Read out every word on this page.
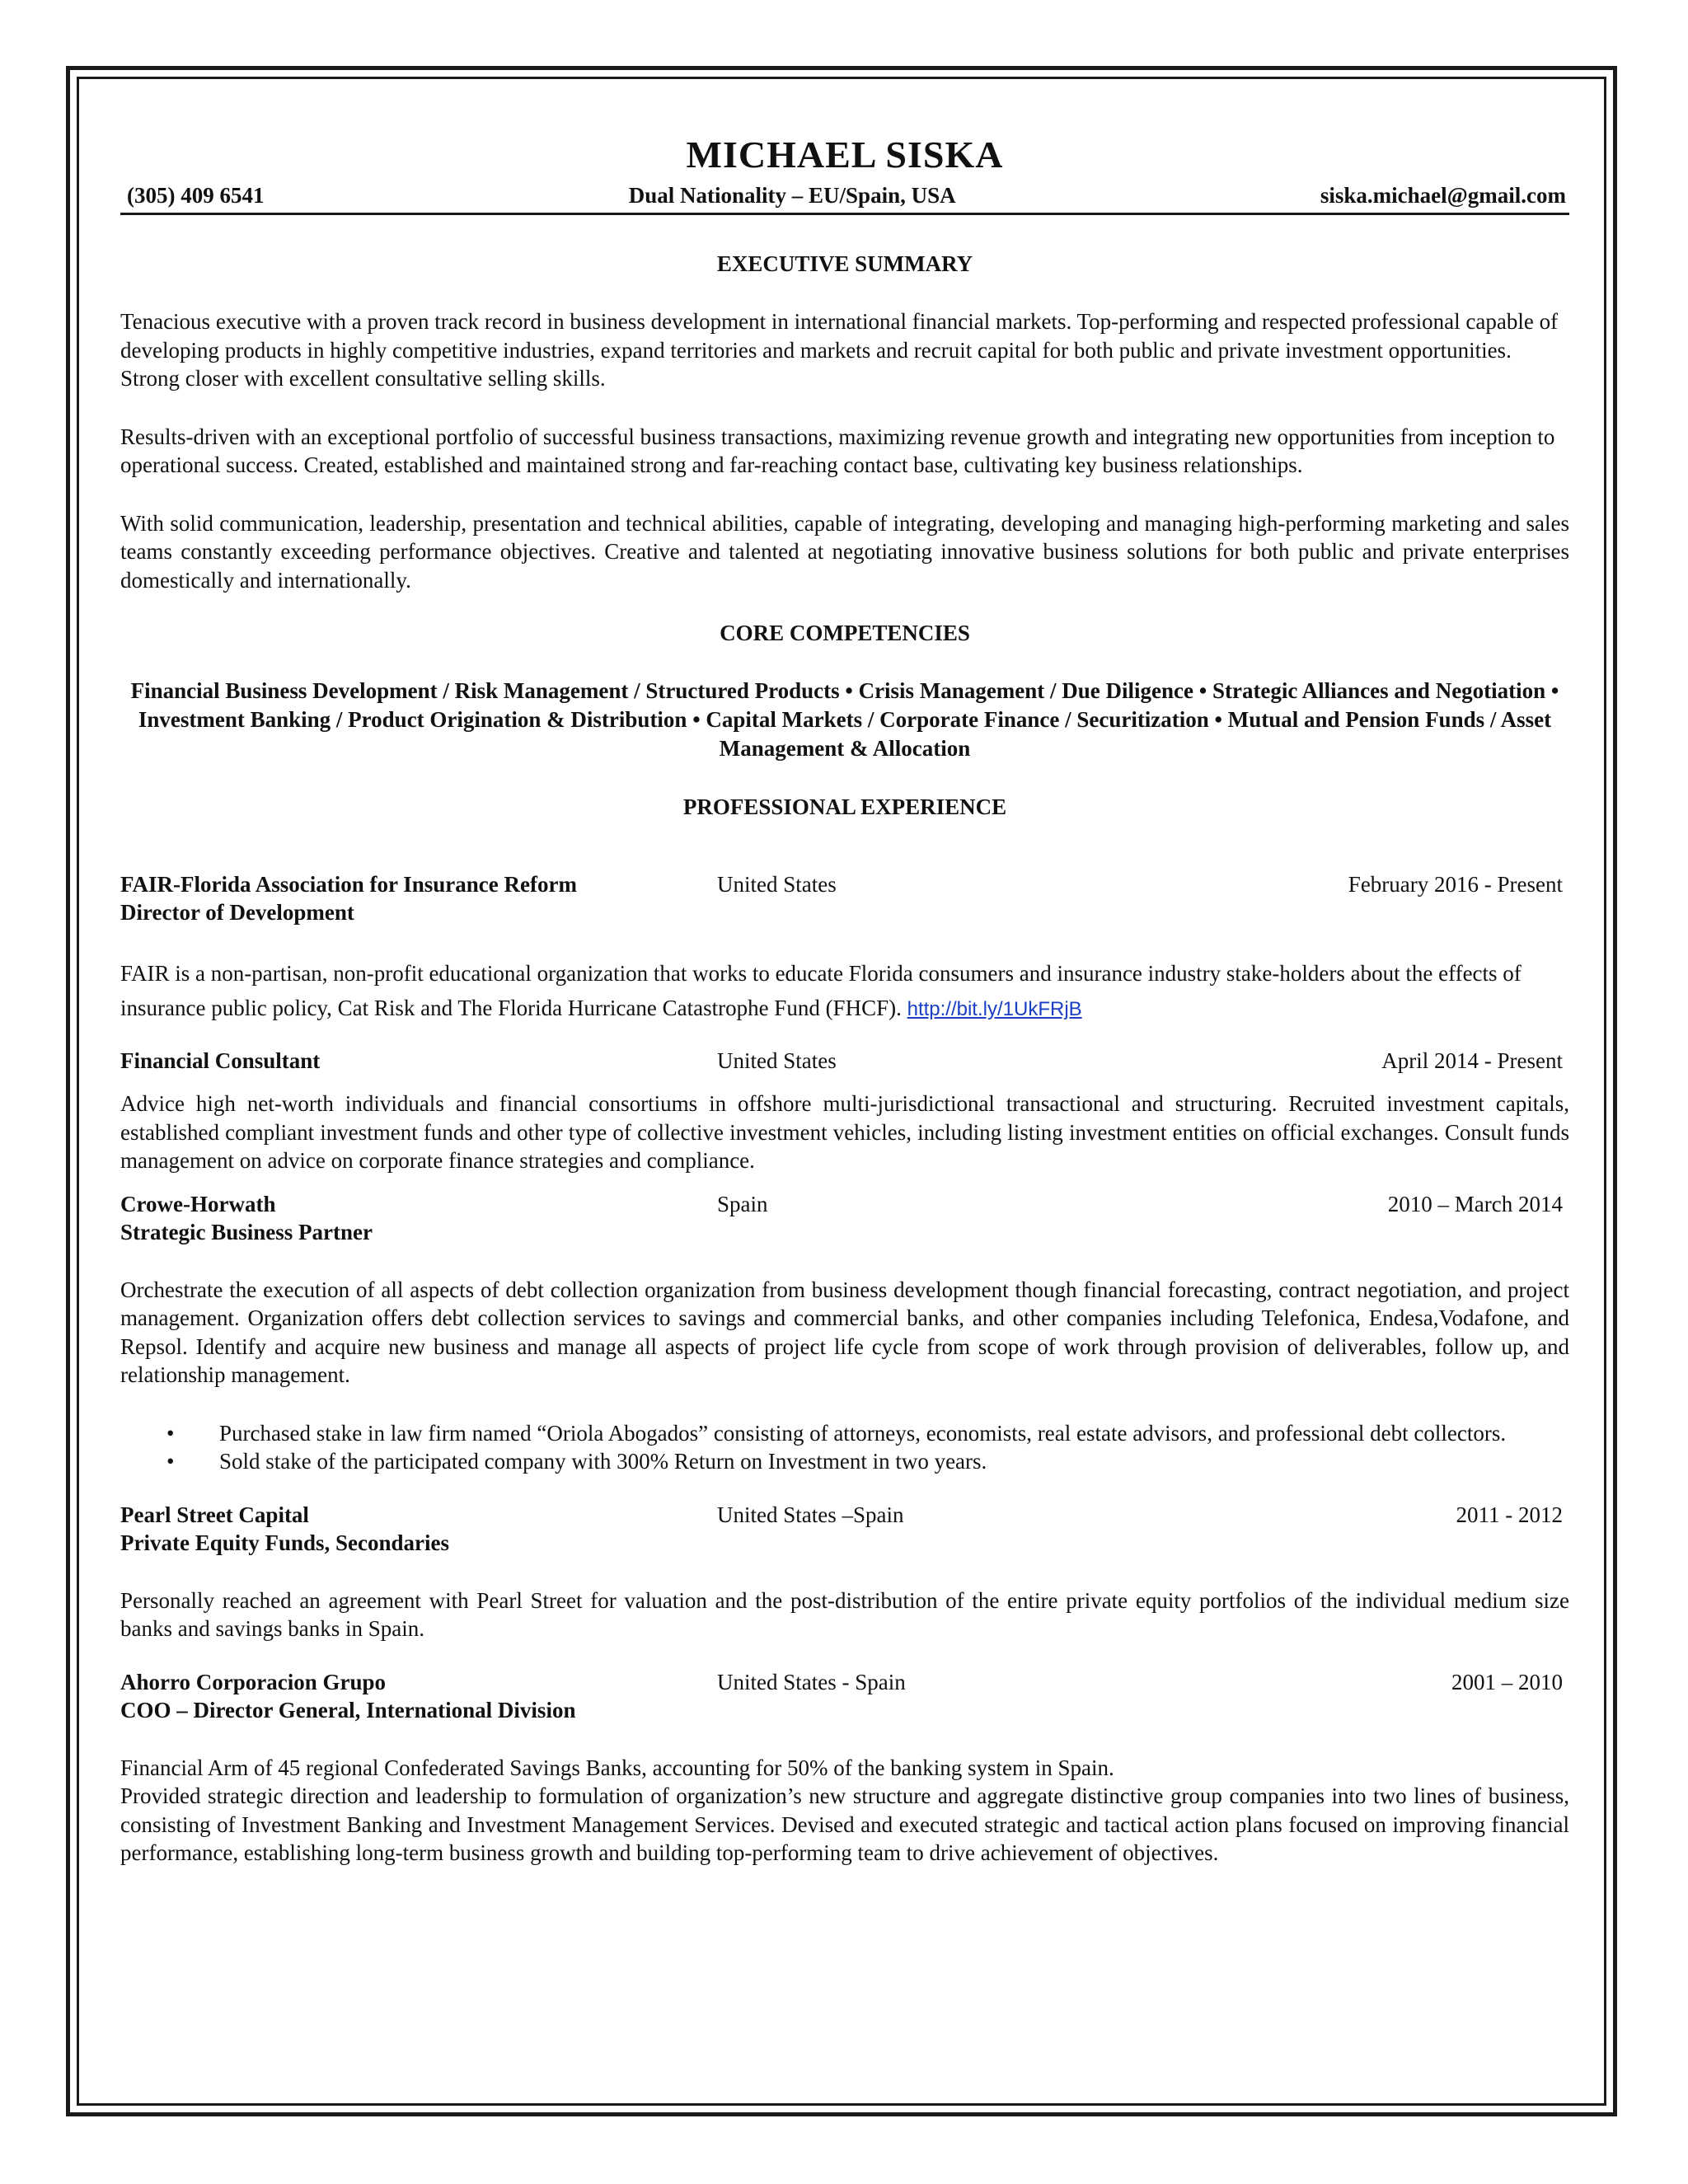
MICHAEL SISKA
(305) 409 6541	Dual Nationality – EU/Spain, USA	siska.michael@gmail.com
EXECUTIVE SUMMARY

Tenacious executive with a proven track record in business development in international financial markets. Top-performing and respected professional capable of developing products in highly competitive industries, expand territories and markets and recruit capital for both public and private investment opportunities. Strong closer with excellent consultative selling skills.

Results-driven with an exceptional portfolio of successful business transactions, maximizing revenue growth and integrating new opportunities from inception to operational success. Created, established and maintained strong and far-reaching contact base, cultivating key business relationships.

With solid communication, leadership, presentation and technical abilities, capable of integrating, developing and managing high-performing marketing and sales teams constantly exceeding performance objectives. Creative and talented at negotiating innovative business solutions for both public and private enterprises domestically and internationally.

CORE COMPETENCIES

Financial Business Development / Risk Management / Structured Products • Crisis Management / Due Diligence • Strategic Alliances and Negotiation • Investment Banking / Product Origination & Distribution • Capital Markets / Corporate Finance / Securitization • Mutual and Pension Funds / Asset Management & Allocation

PROFESSIONAL EXPERIENCE
FAIR-Florida Association for Insurance Reform	United States	February 2016 - Present
Director of Development

FAIR is a non-partisan, non-profit educational organization that works to educate Florida consumers and insurance industry stake-holders about the effects of insurance public policy, Cat Risk and The Florida Hurricane Catastrophe Fund (FHCF). http://bit.ly/1UkFRjB

Financial Consultant	United States	April 2014 - Present

Advice high net-worth individuals and financial consortiums in offshore multi-jurisdictional transactional and structuring. Recruited investment capitals, established compliant investment funds and other type of collective investment vehicles, including listing investment entities on official exchanges. Consult funds management on advice on corporate finance strategies and compliance.

Crowe-Horwath	Spain	2010 – March 2014
Strategic Business Partner

Orchestrate the execution of all aspects of debt collection organization from business development though financial forecasting, contract negotiation, and project management. Organization offers debt collection services to savings and commercial banks, and other companies including Telefonica, Endesa,Vodafone, and Repsol. Identify and acquire new business and manage all aspects of project life cycle from scope of work through provision of deliverables, follow up, and relationship management.

• Purchased stake in law firm named “Oriola Abogados” consisting of attorneys, economists, real estate advisors, and professional debt collectors.
• Sold stake of the participated company with 300% Return on Investment in two years.
Pearl Street Capital	United States –Spain	2011 - 2012
Private Equity Funds, Secondaries

Personally reached an agreement with Pearl Street for valuation and the post-distribution of the entire private equity portfolios of the individual medium size banks and savings banks in Spain.

Ahorro Corporacion Grupo	United States - Spain	2001 – 2010
COO – Director General, International Division

Financial Arm of 45 regional Confederated Savings Banks, accounting for 50% of the banking system in Spain.

Provided strategic direction and leadership to formulation of organization’s new structure and aggregate distinctive group companies into two lines of business, consisting of Investment Banking and Investment Management Services. Devised and executed strategic and tactical action plans focused on improving financial performance, establishing long-term business growth and building top-performing team to drive achievement of objectives.
